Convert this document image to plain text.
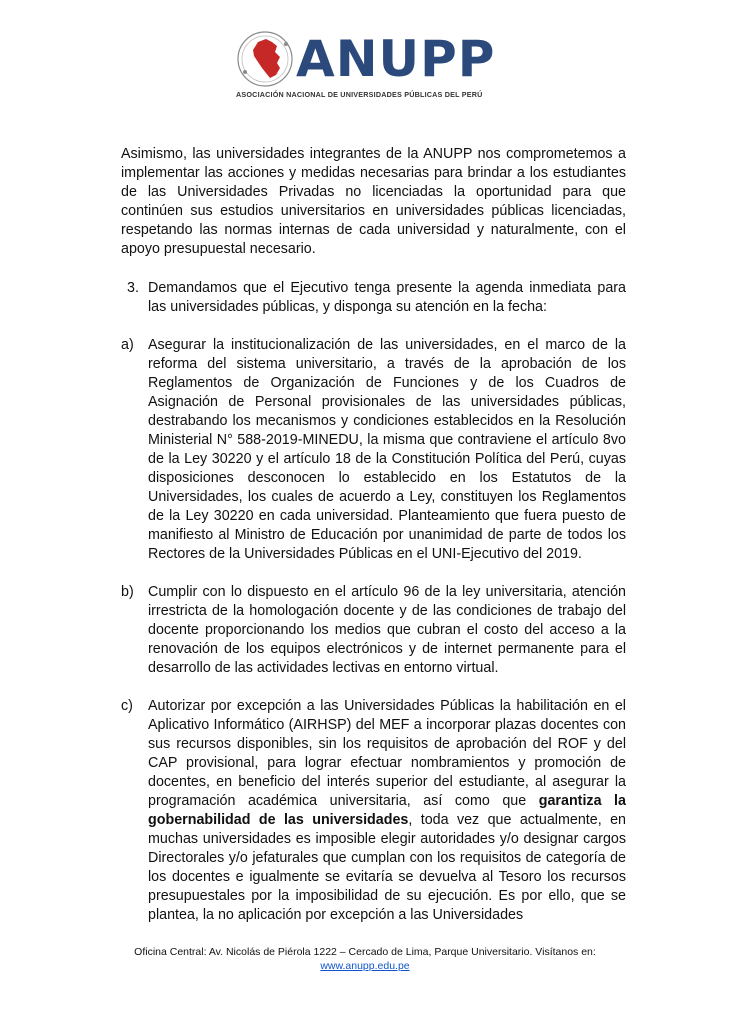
ANUPP
ASOCIACIÓN NACIONAL DE UNIVERSIDADES PÚBLICAS DEL PERÚ

Asimismo, las universidades integrantes de la ANUPP nos comprometemos a implementar las acciones y medidas necesarias para brindar a los estudiantes de las Universidades Privadas no licenciadas la oportunidad para que continúen sus estudios universitarios en universidades públicas licenciadas, respetando las normas internas de cada universidad y naturalmente, con el apoyo presupuestal necesario.

3. Demandamos que el Ejecutivo tenga presente la agenda inmediata para las universidades públicas, y disponga su atención en la fecha:
a) Asegurar la institucionalización de las universidades, en el marco de la reforma del sistema universitario, a través de la aprobación de los Reglamentos de Organización de Funciones y de los Cuadros de Asignación de Personal provisionales de las universidades públicas, destrabando los mecanismos y condiciones establecidos en la Resolución Ministerial N° 588-2019-MINEDU, la misma que contraviene el artículo 8vo de la Ley 30220 y el artículo 18 de la Constitución Política del Perú, cuyas disposiciones desconocen lo establecido en los Estatutos de la Universidades, los cuales de acuerdo a Ley, constituyen los Reglamentos de la Ley 30220 en cada universidad. Planteamiento que fuera puesto de manifiesto al Ministro de Educación por unanimidad de parte de todos los Rectores de la Universidades Públicas en el UNI-Ejecutivo del 2019.
b) Cumplir con lo dispuesto en el artículo 96 de la ley universitaria, atención irrestricta de la homologación docente y de las condiciones de trabajo del docente proporcionando los medios que cubran el costo del acceso a la renovación de los equipos electrónicos y de internet permanente para el desarrollo de las actividades lectivas en entorno virtual.
c)	Autorizar por excepción a las Universidades Públicas la habilitación en el Aplicativo Informático (AIRHSP) del MEF a incorporar plazas docentes con sus recursos disponibles, sin los requisitos de aprobación del ROF y del CAP provisional, para lograr efectuar nombramientos y promoción de docentes, en beneficio del interés superior del estudiante, al asegurar la programación académica universitaria, así como que garantiza la gobernabilidad de las universidades, toda vez que actualmente, en muchas universidades es imposible elegir autoridades y/o designar cargos Directorales y/o jefaturales que cumplan con los requisitos de categoría de los docentes e igualmente se evitaría se devuelva al Tesoro los recursos presupuestales por la imposibilidad de su ejecución. Es por ello, que se plantea, la no aplicación por excepción a las Universidades
Oficina Central: Av. Nicolás de Piérola 1222 – Cercado de Lima, Parque Universitario. Visítanos en:
www.anupp.edu.pe
